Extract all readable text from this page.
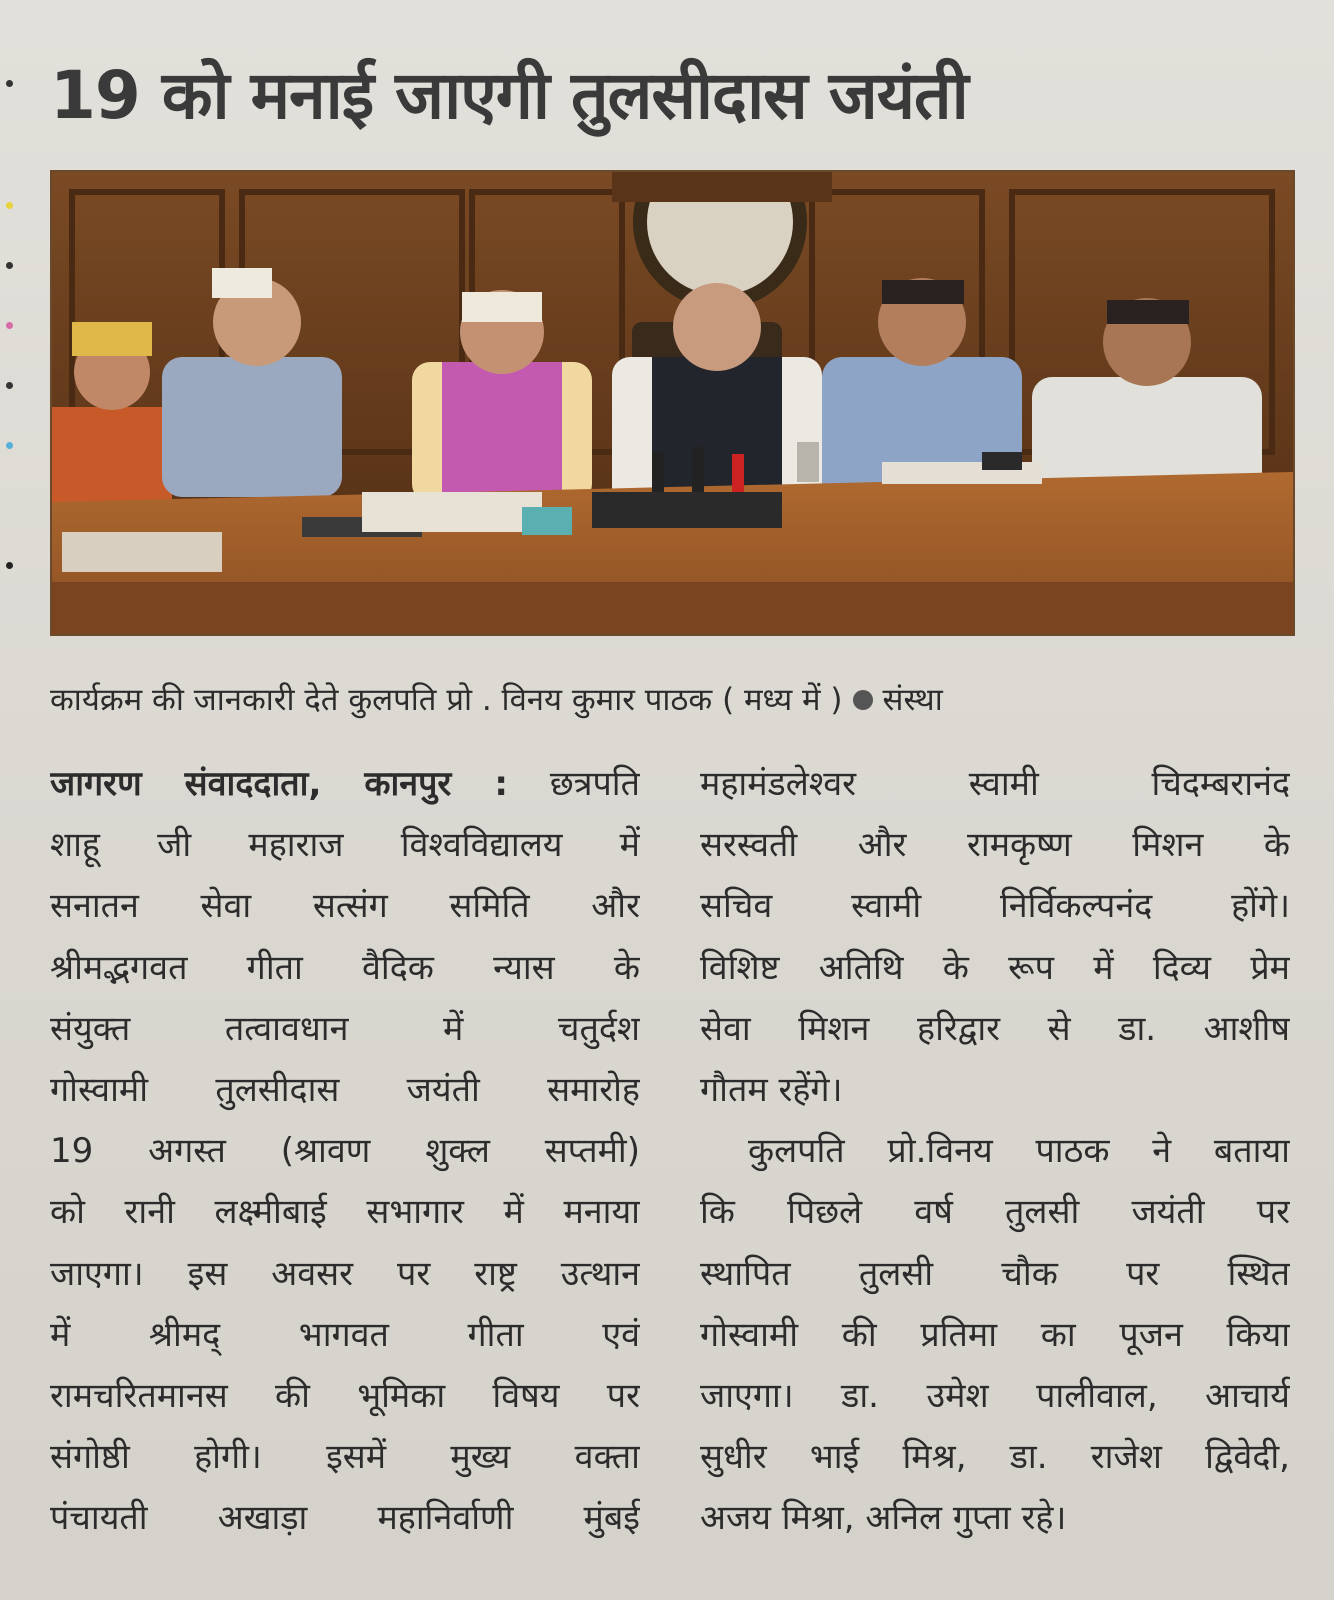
19 को मनाई जाएगी तुलसीदास जयंती
कार्यक्रम की जानकारी देते कुलपति प्रो . विनय कुमार पाठक ( मध्य में ) संस्था
जागरण संवाददाता, कानपुर : छत्रपति
शाहू जी महाराज विश्वविद्यालय में
सनातन सेवा सत्संग समिति और
श्रीमद्भगवत गीता वैदिक न्यास के
संयुक्त तत्वावधान में चतुर्दश
गोस्वामी तुलसीदास जयंती समारोह
19 अगस्त (श्रावण शुक्ल सप्तमी)
को रानी लक्ष्मीबाई सभागार में मनाया
जाएगा। इस अवसर पर राष्ट्र उत्थान
में श्रीमद् भागवत गीता एवं
रामचरितमानस की भूमिका विषय पर
संगोष्ठी होगी। इसमें मुख्य वक्ता
पंचायती अखाड़ा महानिर्वाणी मुंबई
महामंडलेश्वर स्वामी चिदम्बरानंद
सरस्वती और रामकृष्ण मिशन के
सचिव स्वामी निर्विकल्पनंद होंगे।
विशिष्ट अतिथि के रूप में दिव्य प्रेम
सेवा मिशन हरिद्वार से डा. आशीष
गौतम रहेंगे।
कुलपति प्रो.विनय पाठक ने बताया
कि पिछले वर्ष तुलसी जयंती पर
स्थापित तुलसी चौक पर स्थित
गोस्वामी की प्रतिमा का पूजन किया
जाएगा। डा. उमेश पालीवाल, आचार्य
सुधीर भाई मिश्र, डा. राजेश द्विवेदी,
अजय मिश्रा, अनिल गुप्ता रहे।
